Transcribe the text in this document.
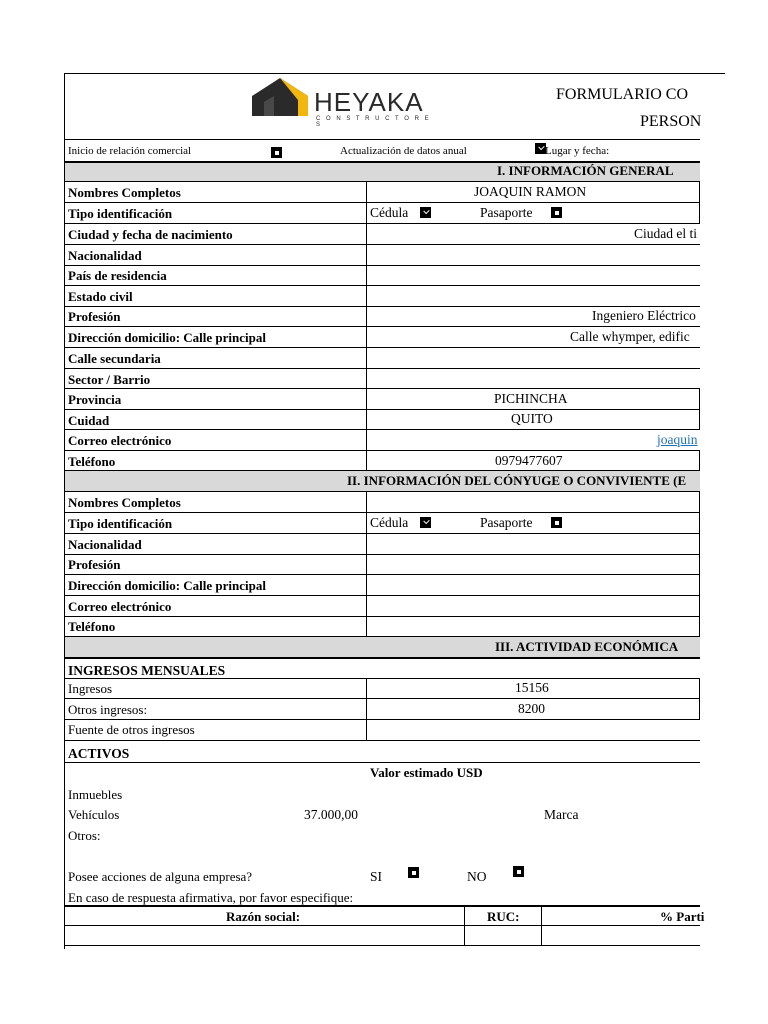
HEYAKA
C O N S T R U C T O R E S
FORMULARIO CO
PERSON
Inicio de relación comercial	Actualización de datos anual	Lugar y fecha:
I. INFORMACIÓN GENERAL
Nombres Completos	JOAQUIN RAMON
Tipo identificación	Cédula	Pasaporte
Ciudad y fecha de nacimiento	Ciudad el ti
Nacionalidad
País de residencia
Estado civil
Profesión	Ingeniero Eléctrico
Dirección domicilio: Calle principal	Calle whymper, edific
Calle secundaria
Sector / Barrio
Provincia	PICHINCHA
Cuidad	QUITO
Correo electrónico	joaquin
Teléfono	0979477607
II. INFORMACIÓN DEL CÓNYUGE O CONVIVIENTE (E
Nombres Completos
Tipo identificación	Cédula	Pasaporte
Nacionalidad
Profesión
Dirección domicilio: Calle principal
Correo electrónico
Teléfono
III. ACTIVIDAD ECONÓMICA
INGRESOS MENSUALES
Ingresos	15156
Otros ingresos:	8200
Fuente de otros ingresos
ACTIVOS
Valor estimado USD
Inmuebles
Vehículos	37.000,00	Marca
Otros:
Posee acciones de alguna empresa?	SI	NO
En caso de respuesta afirmativa, por favor especifique:
Razón social:	RUC:	% Parti
